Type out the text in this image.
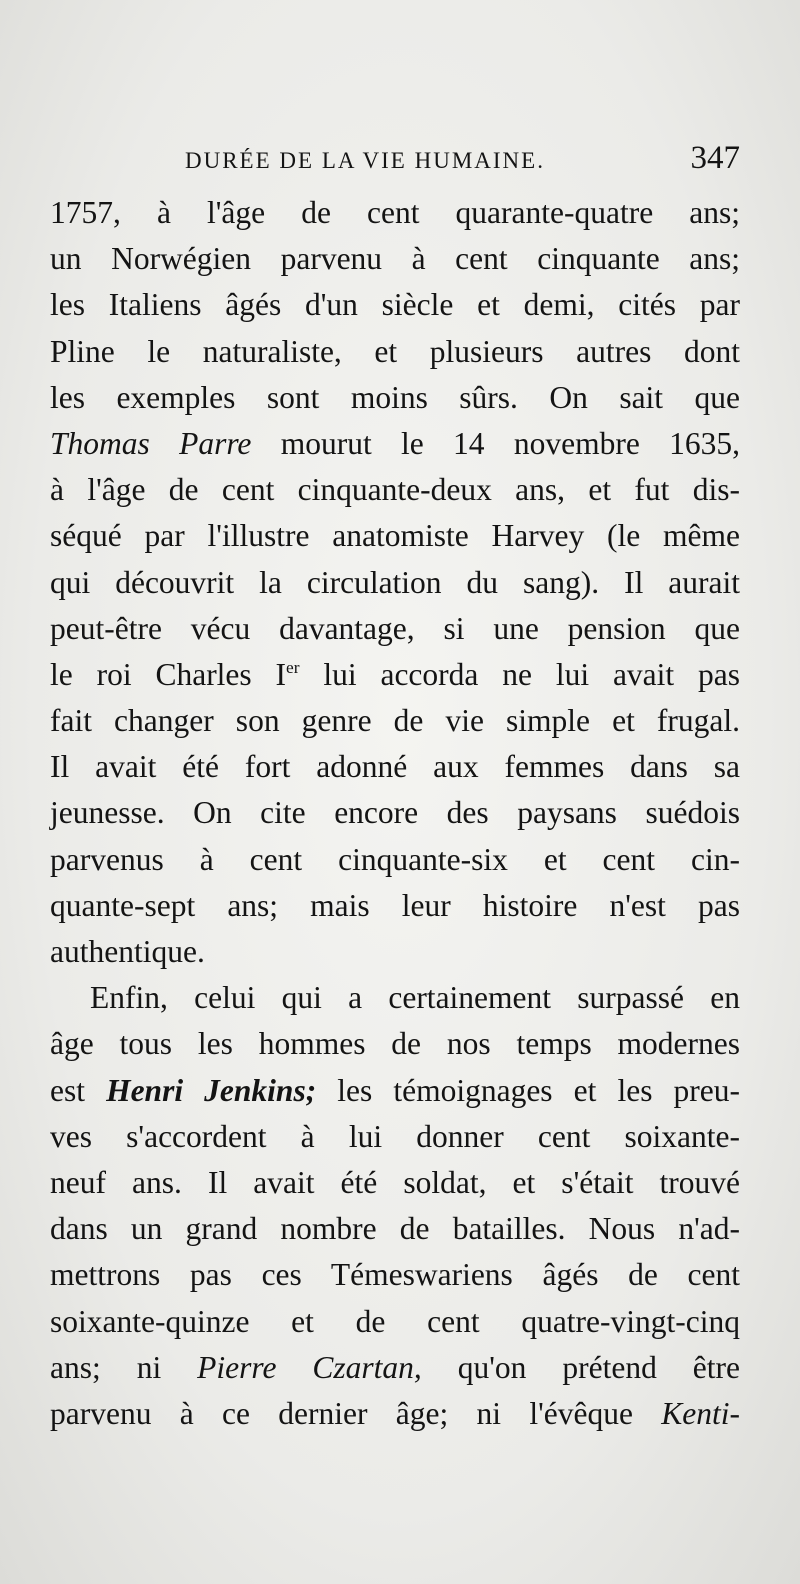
DURÉE DE LA VIE HUMAINE.	347
1757, à l'âge de cent quarante-quatre ans;
un Norwégien parvenu à cent cinquante ans;
les Italiens âgés d'un siècle et demi, cités par
Pline le naturaliste, et plusieurs autres dont
les exemples sont moins sûrs. On sait que
Thomas Parre mourut le 14 novembre 1635,
à l'âge de cent cinquante-deux ans, et fut dis-
séqué par l'illustre anatomiste Harvey (le même
qui découvrit la circulation du sang). Il aurait
peut-être vécu davantage, si une pension que
le roi Charles Ier lui accorda ne lui avait pas
fait changer son genre de vie simple et frugal.
Il avait été fort adonné aux femmes dans sa
jeunesse. On cite encore des paysans suédois
parvenus à cent cinquante-six et cent cin-
quante-sept ans; mais leur histoire n'est pas
authentique.
Enfin, celui qui a certainement surpassé en
âge tous les hommes de nos temps modernes
est Henri Jenkins; les témoignages et les preu-
ves s'accordent à lui donner cent soixante-
neuf ans. Il avait été soldat, et s'était trouvé
dans un grand nombre de batailles. Nous n'ad-
mettrons pas ces Témeswariens âgés de cent
soixante-quinze et de cent quatre-vingt-cinq
ans; ni Pierre Czartan, qu'on prétend être
parvenu à ce dernier âge; ni l'évêque Kenti-
